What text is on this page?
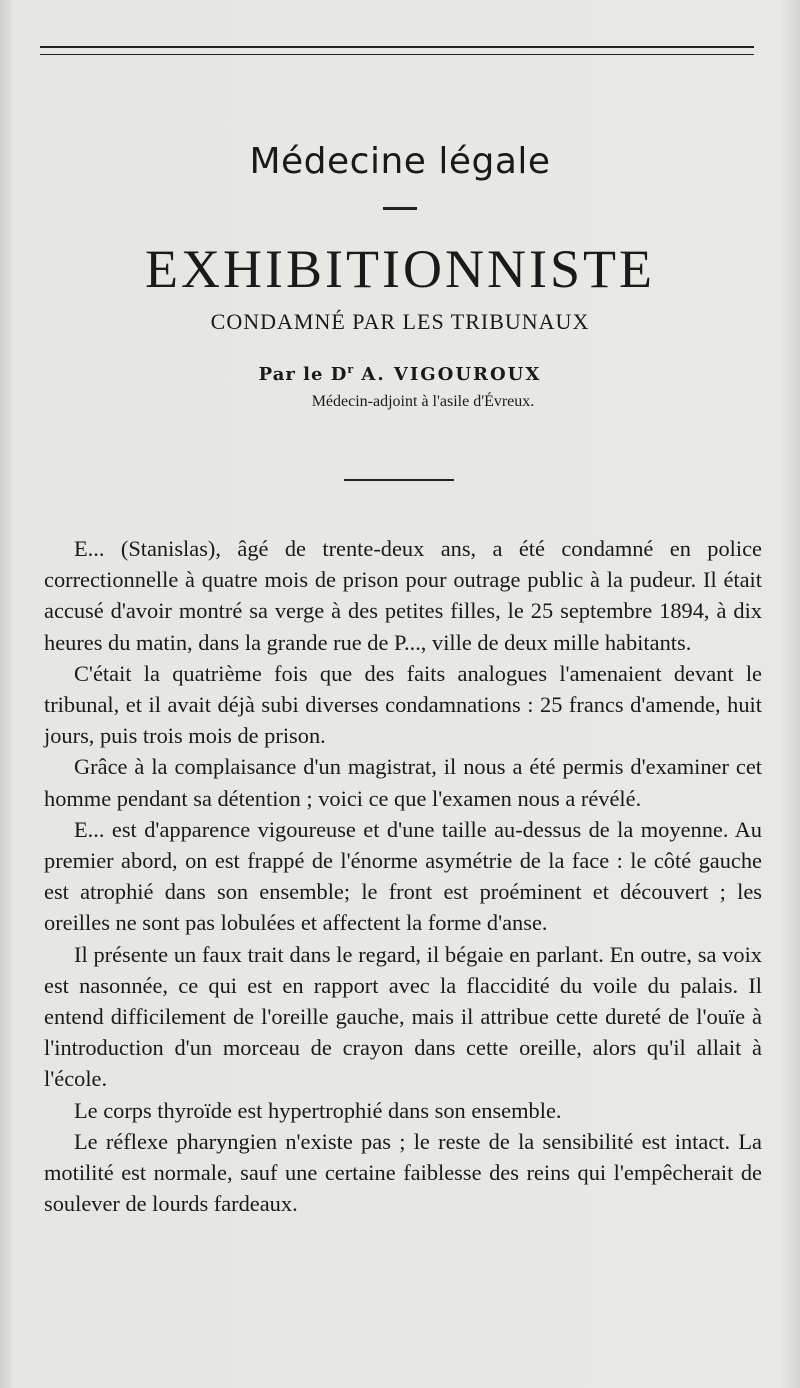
Médecine légale
EXHIBITIONNISTE
CONDAMNÉ PAR LES TRIBUNAUX
Par le $D^r$ A. VIGOUROUX
Médecin-adjoint à l'asile d'Évreux.

E... (Stanislas), âgé de trente-deux ans, a été condamné en police correctionnelle à quatre mois de prison pour outrage public à la pudeur. Il était accusé d'avoir montré sa verge à des petites filles, le 25 septembre 1894, à dix heures du matin, dans la grande rue de P..., ville de deux mille habitants.

C'était la quatrième fois que des faits analogues l'amenaient devant le tribunal, et il avait déjà subi diverses condamnations : 25 francs d'amende, huit jours, puis trois mois de prison.

Grâce à la complaisance d'un magistrat, il nous a été permis d'examiner cet homme pendant sa détention ; voici ce que l'examen nous a révélé.

E... est d'apparence vigoureuse et d'une taille au-dessus de la moyenne. Au premier abord, on est frappé de l'énorme asymétrie de la face : le côté gauche est atrophié dans son ensemble; le front est proéminent et découvert ; les oreilles ne sont pas lobulées et affectent la forme d'anse.

Il présente un faux trait dans le regard, il bégaie en parlant. En outre, sa voix est nasonnée, ce qui est en rapport avec la flaccidité du voile du palais. Il entend difficilement de l'oreille gauche, mais il attribue cette dureté de l'ouïe à l'introduction d'un morceau de crayon dans cette oreille, alors qu'il allait à l'école.

Le corps thyroïde est hypertrophié dans son ensemble.

Le réflexe pharyngien n'existe pas ; le reste de la sensibilité est intact. La motilité est normale, sauf une certaine faiblesse des reins qui l'empêcherait de soulever de lourds fardeaux.
